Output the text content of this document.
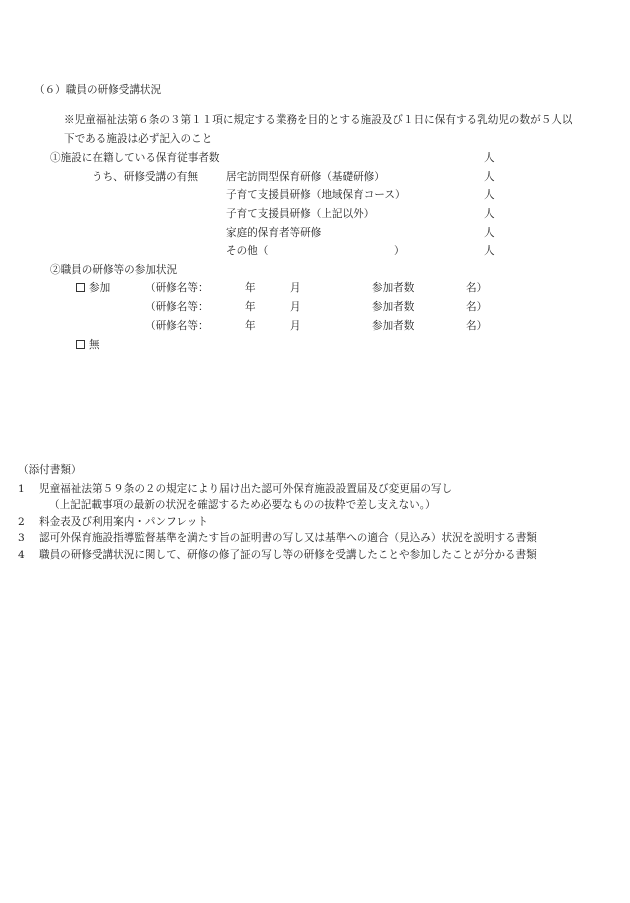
（６）職員の研修受講状況
※児童福祉法第６条の３第１１項に規定する業務を目的とする施設及び１日に保有する乳幼児の数が５人以
下である施設は必ず記入のこと
①施設に在籍している保育従事者数	人
うち、研修受講の有無	居宅訪問型保育研修（基礎研修）	人
子育て支援員研修（地域保育コース）	人
子育て支援員研修（上記以外）	人
家庭的保育者等研修	人
その他（	）	人
②職員の研修等の参加状況
参加	（研修名等：	年	月	参加者数	名）
（研修名等：	年	月	参加者数	名）
（研修名等：	年	月	参加者数	名）
無
（添付書類）
1 児童福祉法第５９条の２の規定により届け出た認可外保育施設設置届及び変更届の写し
（上記記載事項の最新の状況を確認するため必要なものの抜粋で差し支えない。）
2 料金表及び利用案内・パンフレット
3 認可外保育施設指導監督基準を満たす旨の証明書の写し又は基準への適合（見込み）状況を説明する書類
4 職員の研修受講状況に関して、研修の修了証の写し等の研修を受講したことや参加したことが分かる書類
